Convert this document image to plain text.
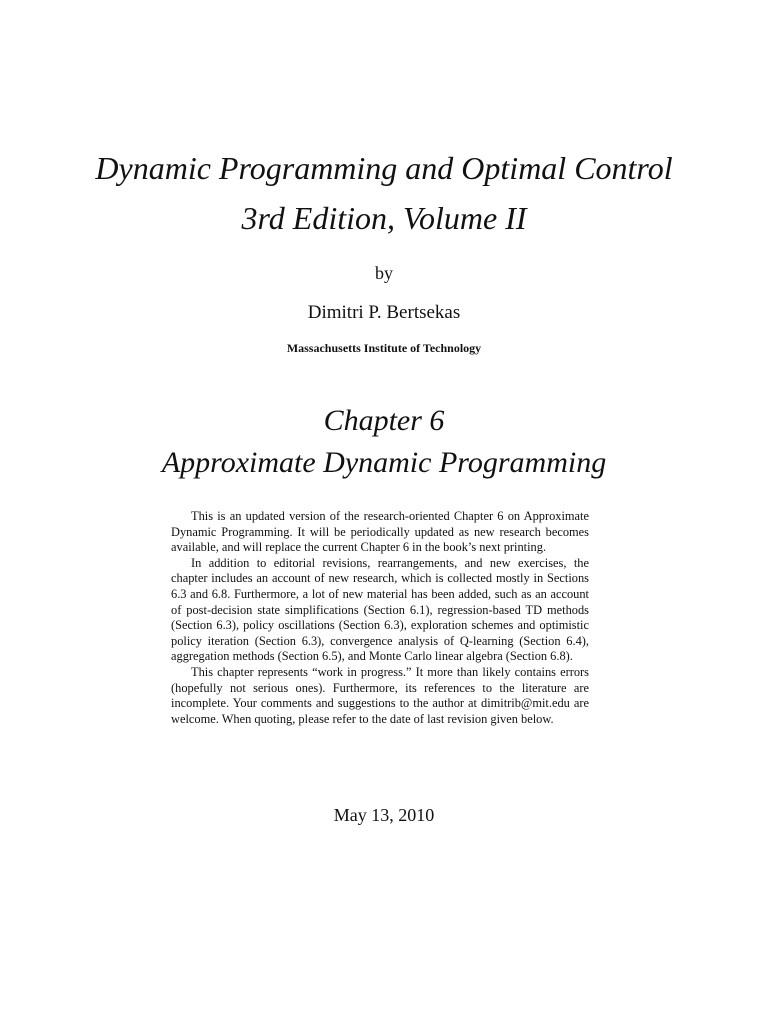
Dynamic Programming and Optimal Control
3rd Edition, Volume II
by
Dimitri P. Bertsekas
Massachusetts Institute of Technology
Chapter 6
Approximate Dynamic Programming

This is an updated version of the research-oriented Chapter 6 on Approximate Dynamic Programming. It will be periodically updated as new research becomes available, and will replace the current Chapter 6 in the book’s next printing.

In addition to editorial revisions, rearrangements, and new exercises, the chapter includes an account of new research, which is collected mostly in Sections 6.3 and 6.8. Furthermore, a lot of new material has been added, such as an account of post-decision state simplifications (Section 6.1), regression-based TD methods (Section 6.3), policy oscillations (Section 6.3), exploration schemes and optimistic policy iteration (Section 6.3), convergence analysis of Q-learning (Section 6.4), aggregation methods (Section 6.5), and Monte Carlo linear algebra (Section 6.8).

This chapter represents “work in progress.” It more than likely contains errors (hopefully not serious ones). Furthermore, its references to the literature are incomplete. Your comments and suggestions to the author at dimitrib@mit.edu are welcome. When quoting, please refer to the date of last revision given below.

May 13, 2010
